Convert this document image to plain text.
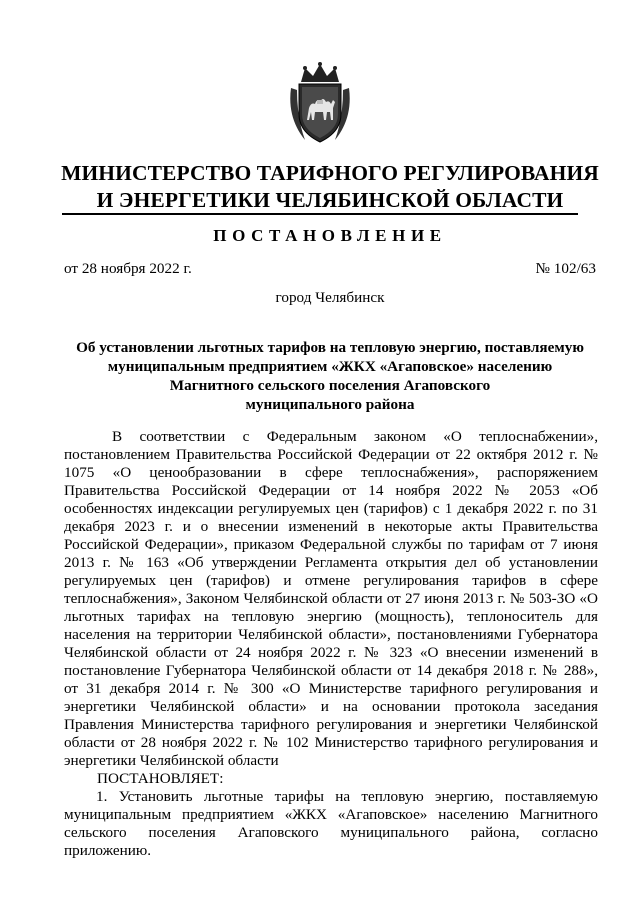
МИНИСТЕРСТВО ТАРИФНОГО РЕГУЛИРОВАНИЯ
И ЭНЕРГЕТИКИ ЧЕЛЯБИНСКОЙ ОБЛАСТИ
ПОСТАНОВЛЕНИЕ
от 28 ноября 2022 г.	№ 102/63
город Челябинск
Об установлении льготных тарифов на тепловую энергию, поставляемую
муниципальным предприятием «ЖКХ «Агаповское» населению
Магнитного сельского поселения Агаповского
муниципального района

В соответствии с Федеральным законом «О теплоснабжении», постановлением Правительства Российской Федерации от 22 октября 2012 г. № 1075 «О ценообразовании в сфере теплоснабжения», распоряжением Правительства Российской Федерации от 14 ноября 2022 № 2053 «Об особенностях индексации регулируемых цен (тарифов) с 1 декабря 2022 г. по 31 декабря 2023 г. и о внесении изменений в некоторые акты Правительства Российской Федерации», приказом Федеральной службы по тарифам от 7 июня 2013 г. № 163 «Об утверждении Регламента открытия дел об установлении регулируемых цен (тарифов) и отмене регулирования тарифов в сфере теплоснабжения», Законом Челябинской области от 27 июня 2013 г. № 503-ЗО «О льготных тарифах на тепловую энергию (мощность), теплоноситель для населения на территории Челябинской области», постановлениями Губернатора Челябинской области от 24 ноября 2022 г. № 323 «О внесении изменений в постановление Губернатора Челябинской области от 14 декабря 2018 г. № 288», от 31 декабря 2014 г. № 300 «О Министерстве тарифного регулирования и энергетики Челябинской области» и на основании протокола заседания Правления Министерства тарифного регулирования и энергетики Челябинской области от 28 ноября 2022 г. № 102 Министерство тарифного регулирования и энергетики Челябинской области

ПОСТАНОВЛЯЕТ:

1. Установить льготные тарифы на тепловую энергию, поставляемую муниципальным предприятием «ЖКХ «Агаповское» населению Магнитного сельского поселения Агаповского муниципального района, согласно приложению.
